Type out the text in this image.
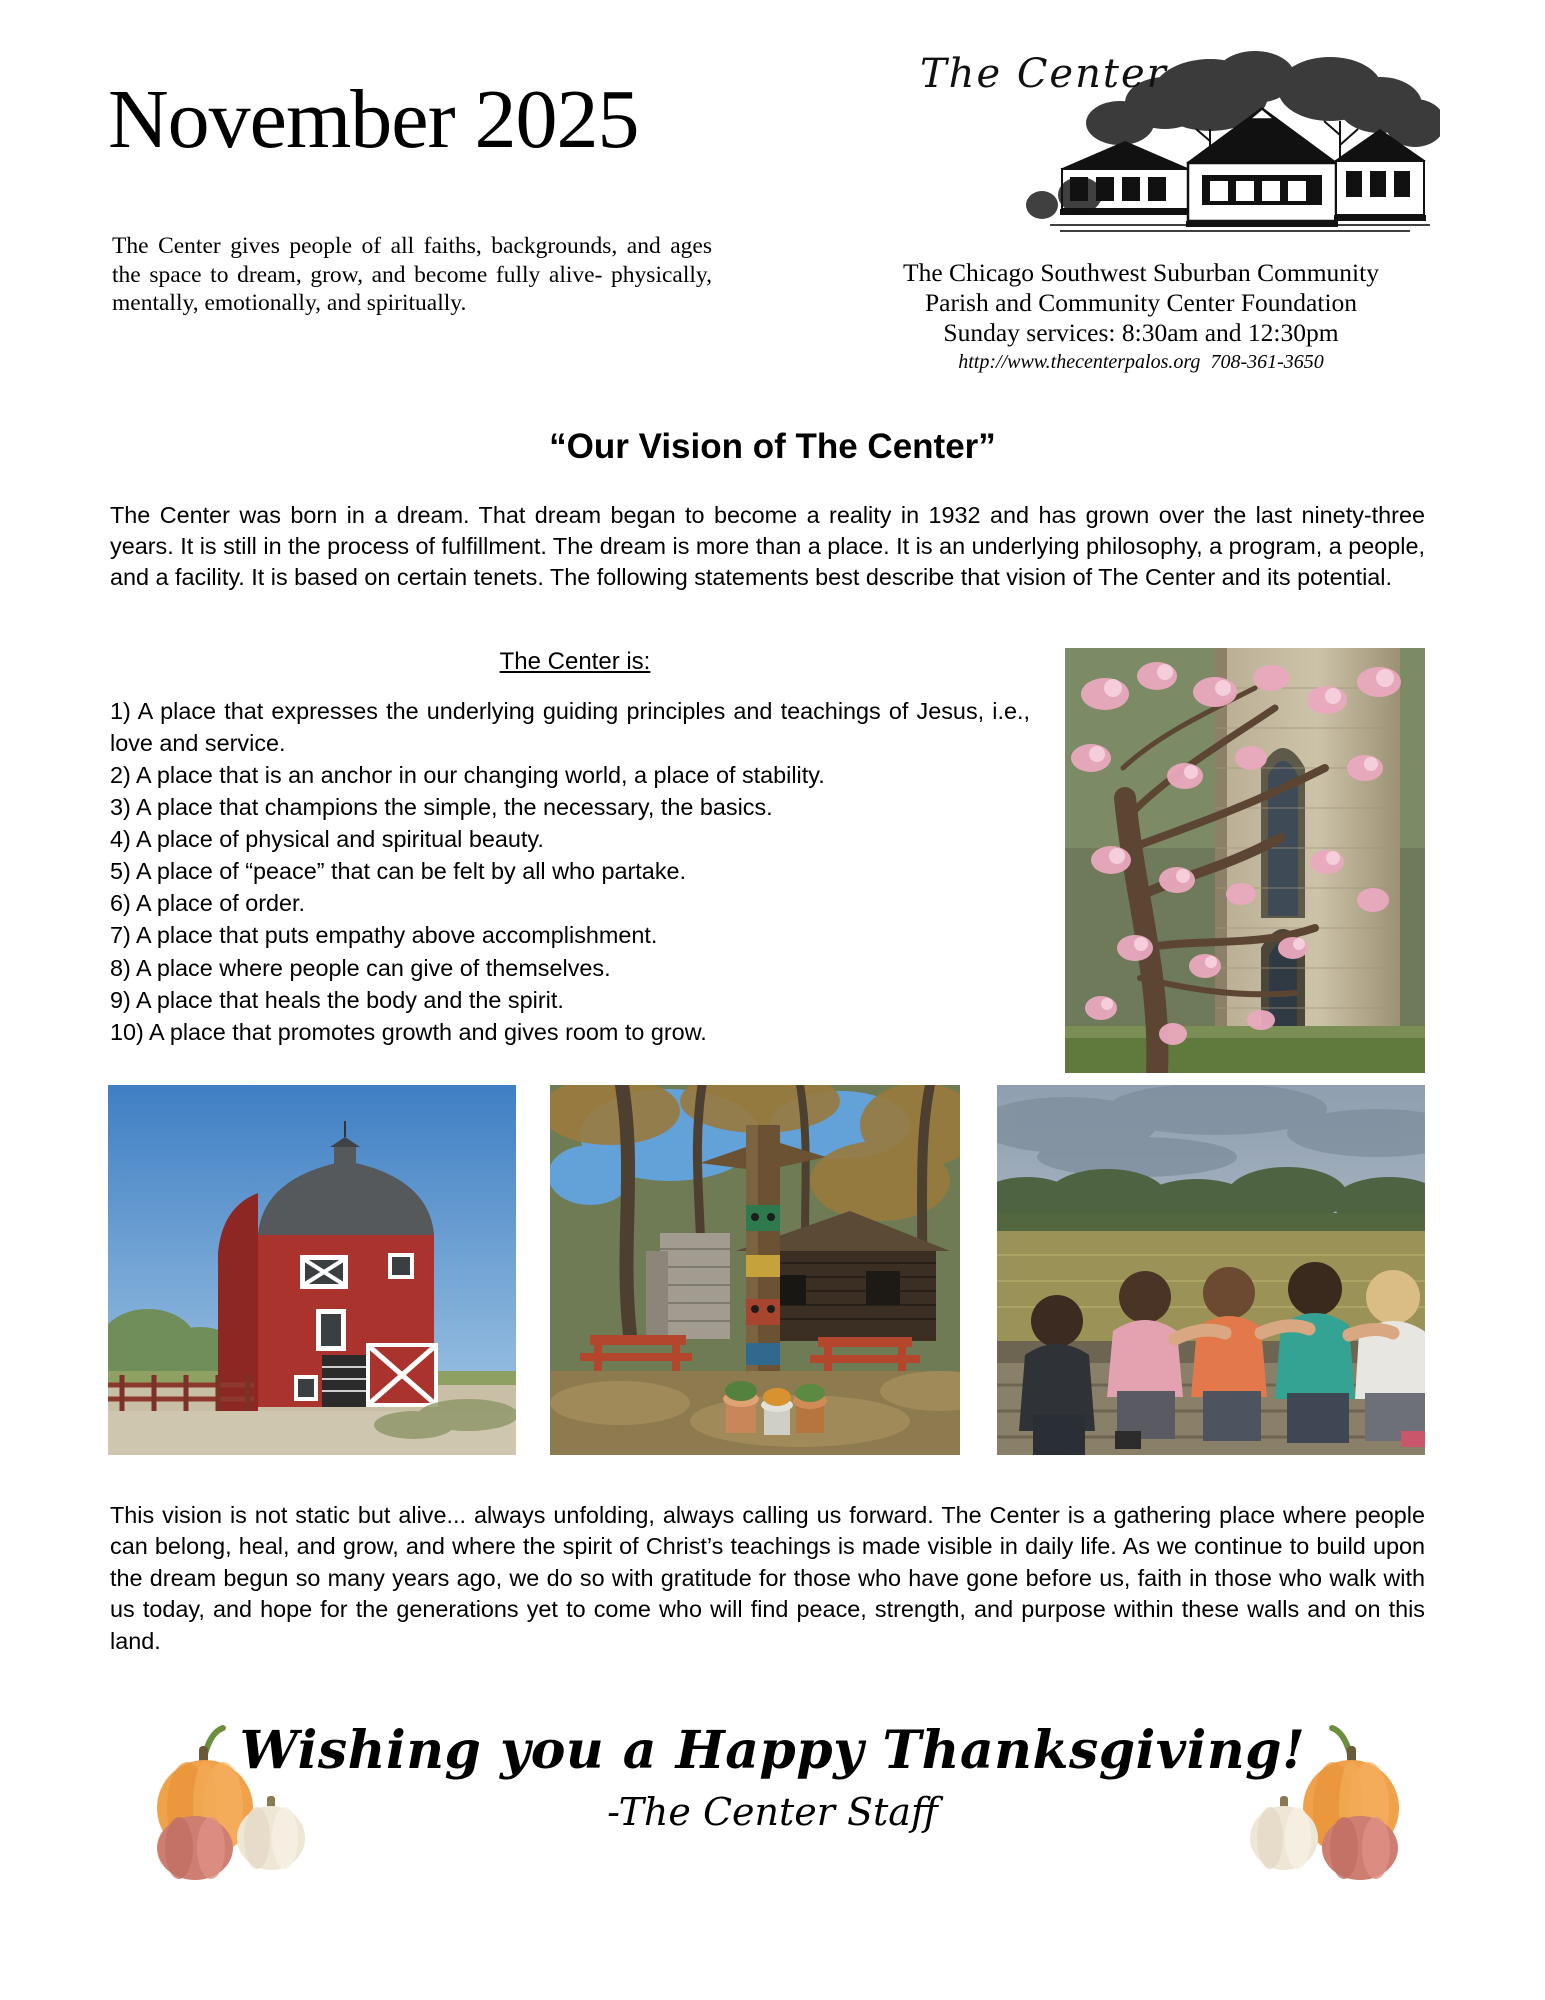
November 2025
The Center gives people of all faiths, backgrounds, and ages the space to dream, grow, and become fully alive- physically, mentally, emotionally, and spiritually.
The Center
The Chicago Southwest Suburban Community
Parish and Community Center Foundation
Sunday services: 8:30am and 12:30pm
http://www.thecenterpalos.org 708-361-3650
“Our Vision of The Center”
The Center was born in a dream. That dream began to become a reality in 1932 and has grown over the last ninety-three years. It is still in the process of fulfillment. The dream is more than a place. It is an underlying philosophy, a program, a people, and a facility. It is based on certain tenets. The following statements best describe that vision of The Center and its potential.
The Center is:

1) A place that expresses the underlying guiding principles and teachings of Jesus, i.e., love and service.

2) A place that is an anchor in our changing world, a place of stability.

3) A place that champions the simple, the necessary, the basics.

4) A place of physical and spiritual beauty.

5) A place of “peace” that can be felt by all who partake.

6) A place of order.

7) A place that puts empathy above accomplishment.

8) A place where people can give of themselves.

9) A place that heals the body and the spirit.

10) A place that promotes growth and gives room to grow.

This vision is not static but alive... always unfolding, always calling us forward. The Center is a gathering place where people can belong, heal, and grow, and where the spirit of Christ’s teachings is made visible in daily life. As we continue to build upon the dream begun so many years ago, we do so with gratitude for those who have gone before us, faith in those who walk with us today, and hope for the generations yet to come who will find peace, strength, and purpose within these walls and on this land.
Wishing you a Happy Thanksgiving!
-The Center Staff
